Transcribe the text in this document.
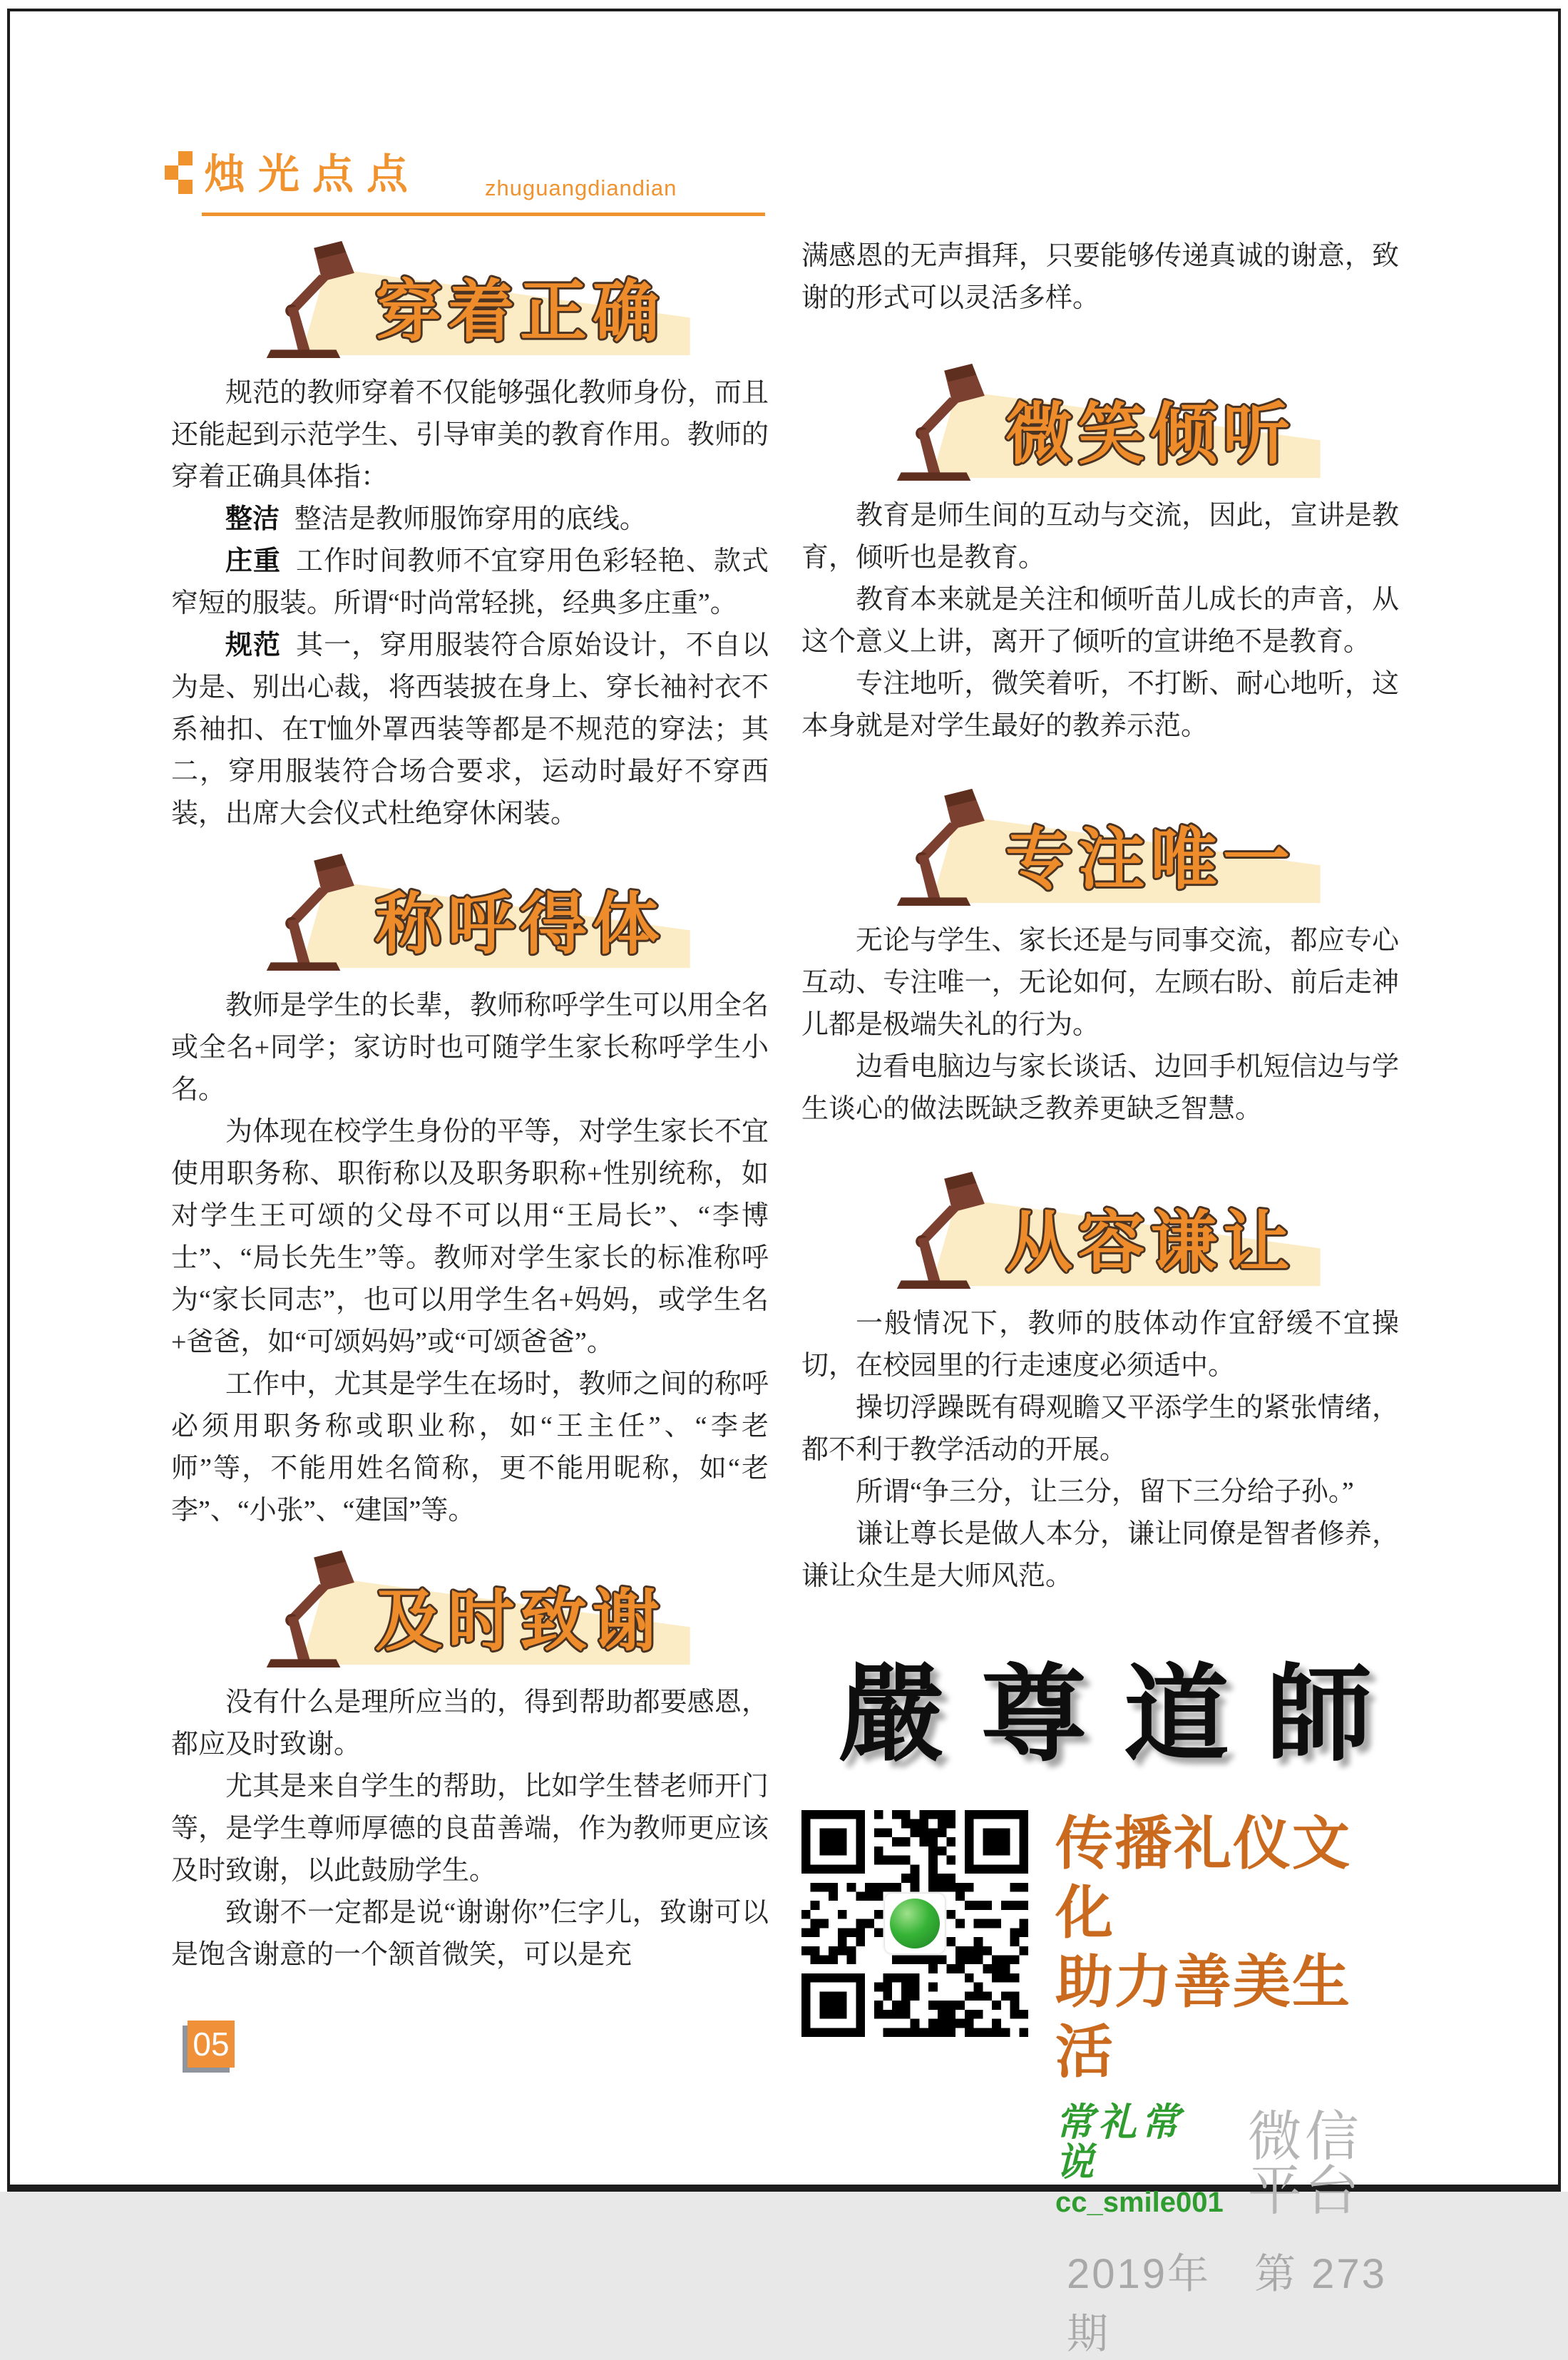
烛光点点	zhuguangdiandian
穿着正确

规范的教师穿着不仅能够强化教师身份，而且还能起到示范学生、引导审美的教育作用。教师的穿着正确具体指：

整洁 整洁是教师服饰穿用的底线。

庄重 工作时间教师不宜穿用色彩轻艳、款式窄短的服装。所谓“时尚常轻挑，经典多庄重”。

规范 其一，穿用服装符合原始设计，不自以为是、别出心裁，将西装披在身上、穿长袖衬衣不系袖扣、在T恤外罩西装等都是不规范的穿法；其二，穿用服装符合场合要求，运动时最好不穿西装，出席大会仪式杜绝穿休闲装。

称呼得体

教师是学生的长辈，教师称呼学生可以用全名或全名+同学；家访时也可随学生家长称呼学生小名。

为体现在校学生身份的平等，对学生家长不宜使用职务称、职衔称以及职务职称+性别统称，如对学生王可颂的父母不可以用“王局长”、“李博士”、“局长先生”等。教师对学生家长的标准称呼为“家长同志”，也可以用学生名+妈妈，或学生名+爸爸，如“可颂妈妈”或“可颂爸爸”。

工作中，尤其是学生在场时，教师之间的称呼必须用职务称或职业称，如“王主任”、“李老师”等，不能用姓名简称，更不能用昵称，如“老李”、“小张”、“建国”等。

及时致谢

没有什么是理所应当的，得到帮助都要感恩，都应及时致谢。

尤其是来自学生的帮助，比如学生替老师开门等，是学生尊师厚德的良苗善端，作为教师更应该及时致谢，以此鼓励学生。

致谢不一定都是说“谢谢你”仨字儿，致谢可以是饱含谢意的一个颔首微笑，可以是充

满感恩的无声揖拜，只要能够传递真诚的谢意，致谢的形式可以灵活多样。

微笑倾听

教育是师生间的互动与交流，因此，宣讲是教育，倾听也是教育。

教育本来就是关注和倾听苗儿成长的声音，从这个意义上讲，离开了倾听的宣讲绝不是教育。

专注地听，微笑着听，不打断、耐心地听，这本身就是对学生最好的教养示范。

专注唯一

无论与学生、家长还是与同事交流，都应专心互动、专注唯一，无论如何，左顾右盼、前后走神儿都是极端失礼的行为。

边看电脑边与家长谈话、边回手机短信边与学生谈心的做法既缺乏教养更缺乏智慧。

从容谦让

一般情况下，教师的肢体动作宜舒缓不宜操切，在校园里的行走速度必须适中。

操切浮躁既有碍观瞻又平添学生的紧张情绪，都不利于教学活动的开展。

所谓“争三分，让三分，留下三分给子孙。”

谦让尊长是做人本分，谦让同僚是智者修养，谦让众生是大师风范。

嚴尊道師
传播礼仪文化
助力善美生活
常礼常说
cc_smile001
微信平台
2019年　第 273期
05
